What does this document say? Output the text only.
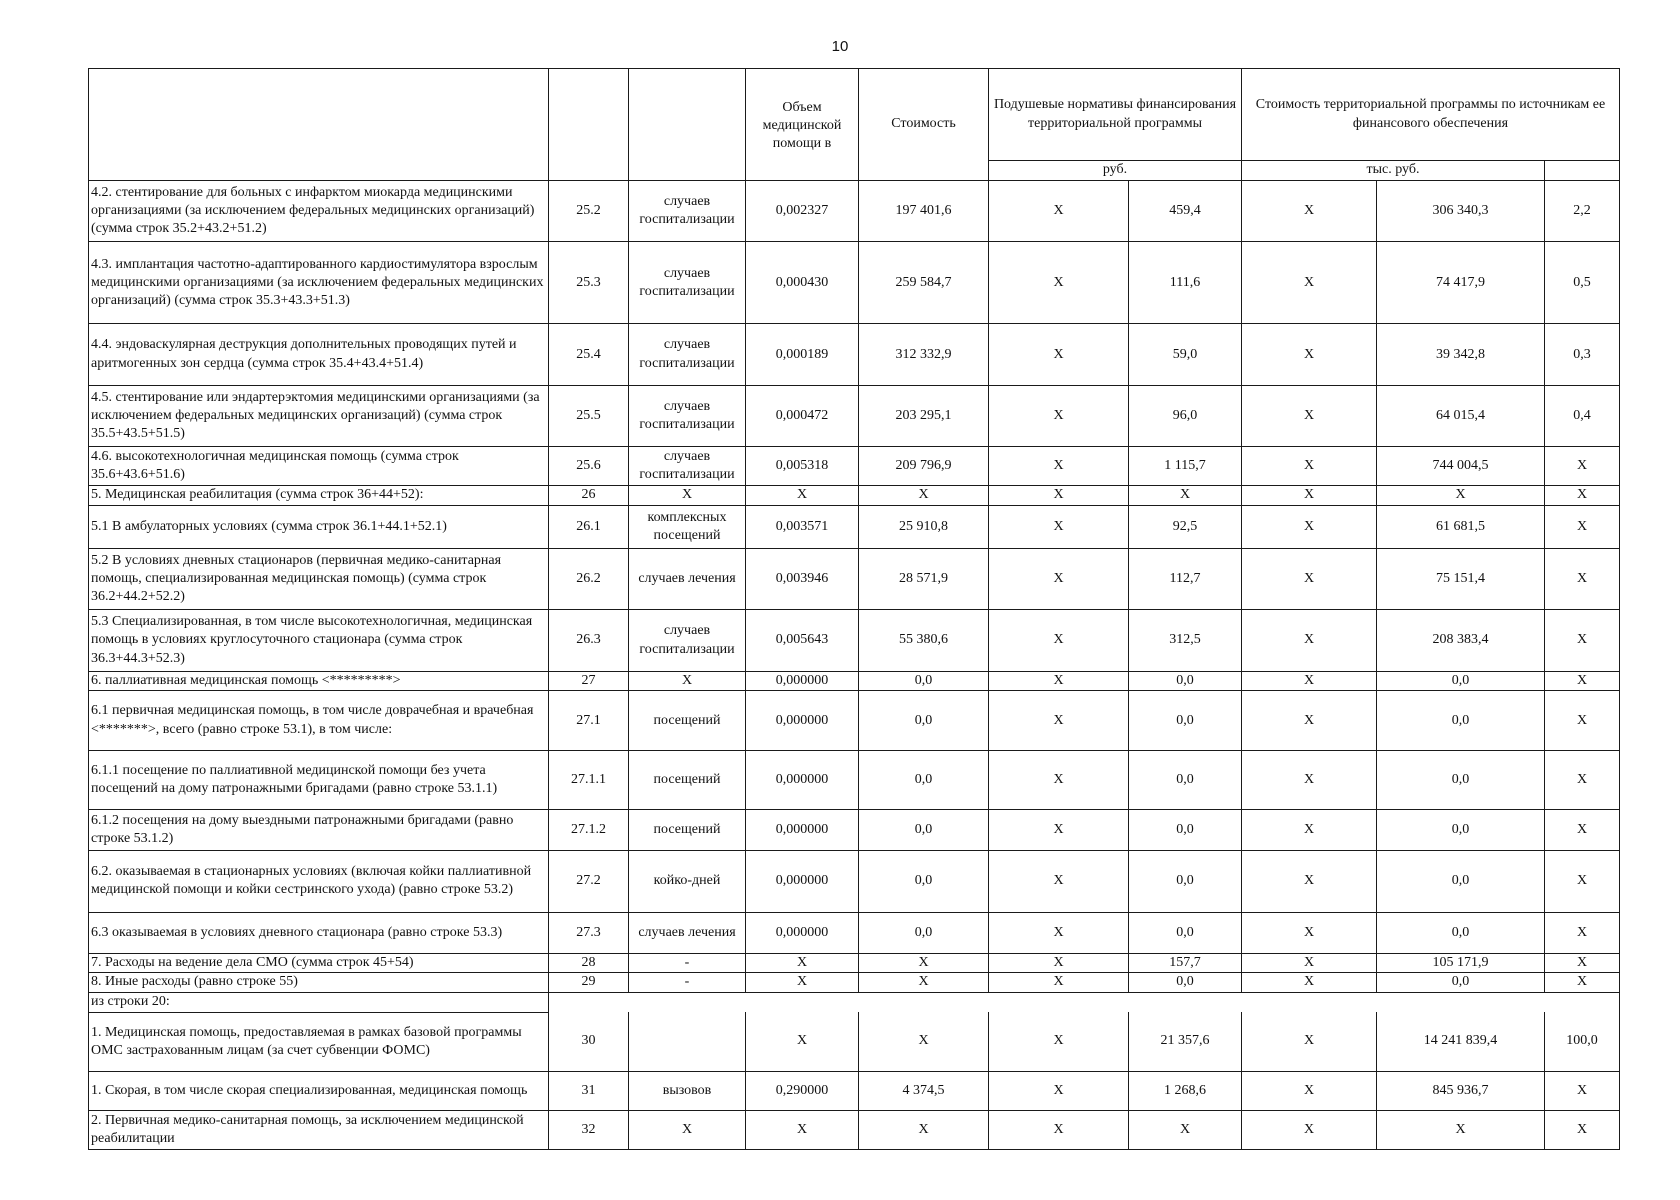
10

			Объем медицинской помощи в	Стоимость	Подушевые нормативы финансирования территориальной программы		Стоимость территориальной программы по источникам ее финансового обеспечения		
					руб.		тыс. руб.		
4.2. стентирование для больных с инфарктом миокарда медицинскими организациями (за исключением федеральных медицинских организаций) (сумма строк 35.2+43.2+51.2)	25.2	случаев госпитализации	0,002327	197 401,6	X	459,4	X	306 340,3	2,2
4.3. имплантация частотно-адаптированного кардиостимулятора взрослым медицинскими организациями (за исключением федеральных медицинских организаций) (сумма строк 35.3+43.3+51.3)	25.3	случаев госпитализации	0,000430	259 584,7	X	111,6	X	74 417,9	0,5
4.4. эндоваскулярная деструкция дополнительных проводящих путей и аритмогенных зон сердца (сумма строк 35.4+43.4+51.4)	25.4	случаев госпитализации	0,000189	312 332,9	X	59,0	X	39 342,8	0,3
4.5. стентирование или эндартерэктомия медицинскими организациями (за исключением федеральных медицинских организаций) (сумма строк 35.5+43.5+51.5)	25.5	случаев госпитализации	0,000472	203 295,1	X	96,0	X	64 015,4	0,4
4.6. высокотехнологичная медицинская помощь (сумма строк 35.6+43.6+51.6)	25.6	случаев госпитализации	0,005318	209 796,9	X	1 115,7	X	744 004,5	X
5. Медицинская реабилитация (сумма строк 36+44+52):	26	X	X	X	X	X	X	X	X
5.1 В амбулаторных условиях (сумма строк 36.1+44.1+52.1)	26.1	комплексных посещений	0,003571	25 910,8	X	92,5	X	61 681,5	X
5.2 В условиях дневных стационаров (первичная медико-санитарная помощь, специализированная медицинская помощь) (сумма строк 36.2+44.2+52.2)	26.2	случаев лечения	0,003946	28 571,9	X	112,7	X	75 151,4	X
5.3 Специализированная, в том числе высокотехнологичная, медицинская помощь в условиях круглосуточного стационара (сумма строк 36.3+44.3+52.3)	26.3	случаев госпитализации	0,005643	55 380,6	X	312,5	X	208 383,4	X
6. паллиативная медицинская помощь <*********>	27	X	0,000000	0,0	X	0,0	X	0,0	X
6.1 первичная медицинская помощь, в том числе доврачебная и врачебная <*******>, всего (равно строке 53.1), в том числе:	27.1	посещений	0,000000	0,0	X	0,0	X	0,0	X
6.1.1 посещение по паллиативной медицинской помощи без учета посещений на дому патронажными бригадами (равно строке 53.1.1)	27.1.1	посещений	0,000000	0,0	X	0,0	X	0,0	X
6.1.2 посещения на дому выездными патронажными бригадами (равно строке 53.1.2)	27.1.2	посещений	0,000000	0,0	X	0,0	X	0,0	X
6.2. оказываемая в стационарных условиях (включая койки паллиативной медицинской помощи и койки сестринского ухода) (равно строке 53.2)	27.2	койко-дней	0,000000	0,0	X	0,0	X	0,0	X
6.3 оказываемая в условиях дневного стационара (равно строке 53.3)	27.3	случаев лечения	0,000000	0,0	X	0,0	X	0,0	X
7. Расходы на ведение дела СМО (сумма строк 45+54)	28	-	X	X	X	157,7	X	105 171,9	X
8. Иные расходы (равно строке 55)	29	-	X	X	X	0,0	X	0,0	X
из строки 20:									
1. Медицинская помощь, предоставляемая в рамках базовой программы ОМС застрахованным лицам (за счет субвенции ФОМС)	30		X	X	X	21 357,6	X	14 241 839,4	100,0
1. Скорая, в том числе скорая специализированная, медицинская помощь	31	вызовов	0,290000	4 374,5	X	1 268,6	X	845 936,7	X
2. Первичная медико-санитарная помощь, за исключением медицинской реабилитации	32	X	X	X	X	X	X	X	X
